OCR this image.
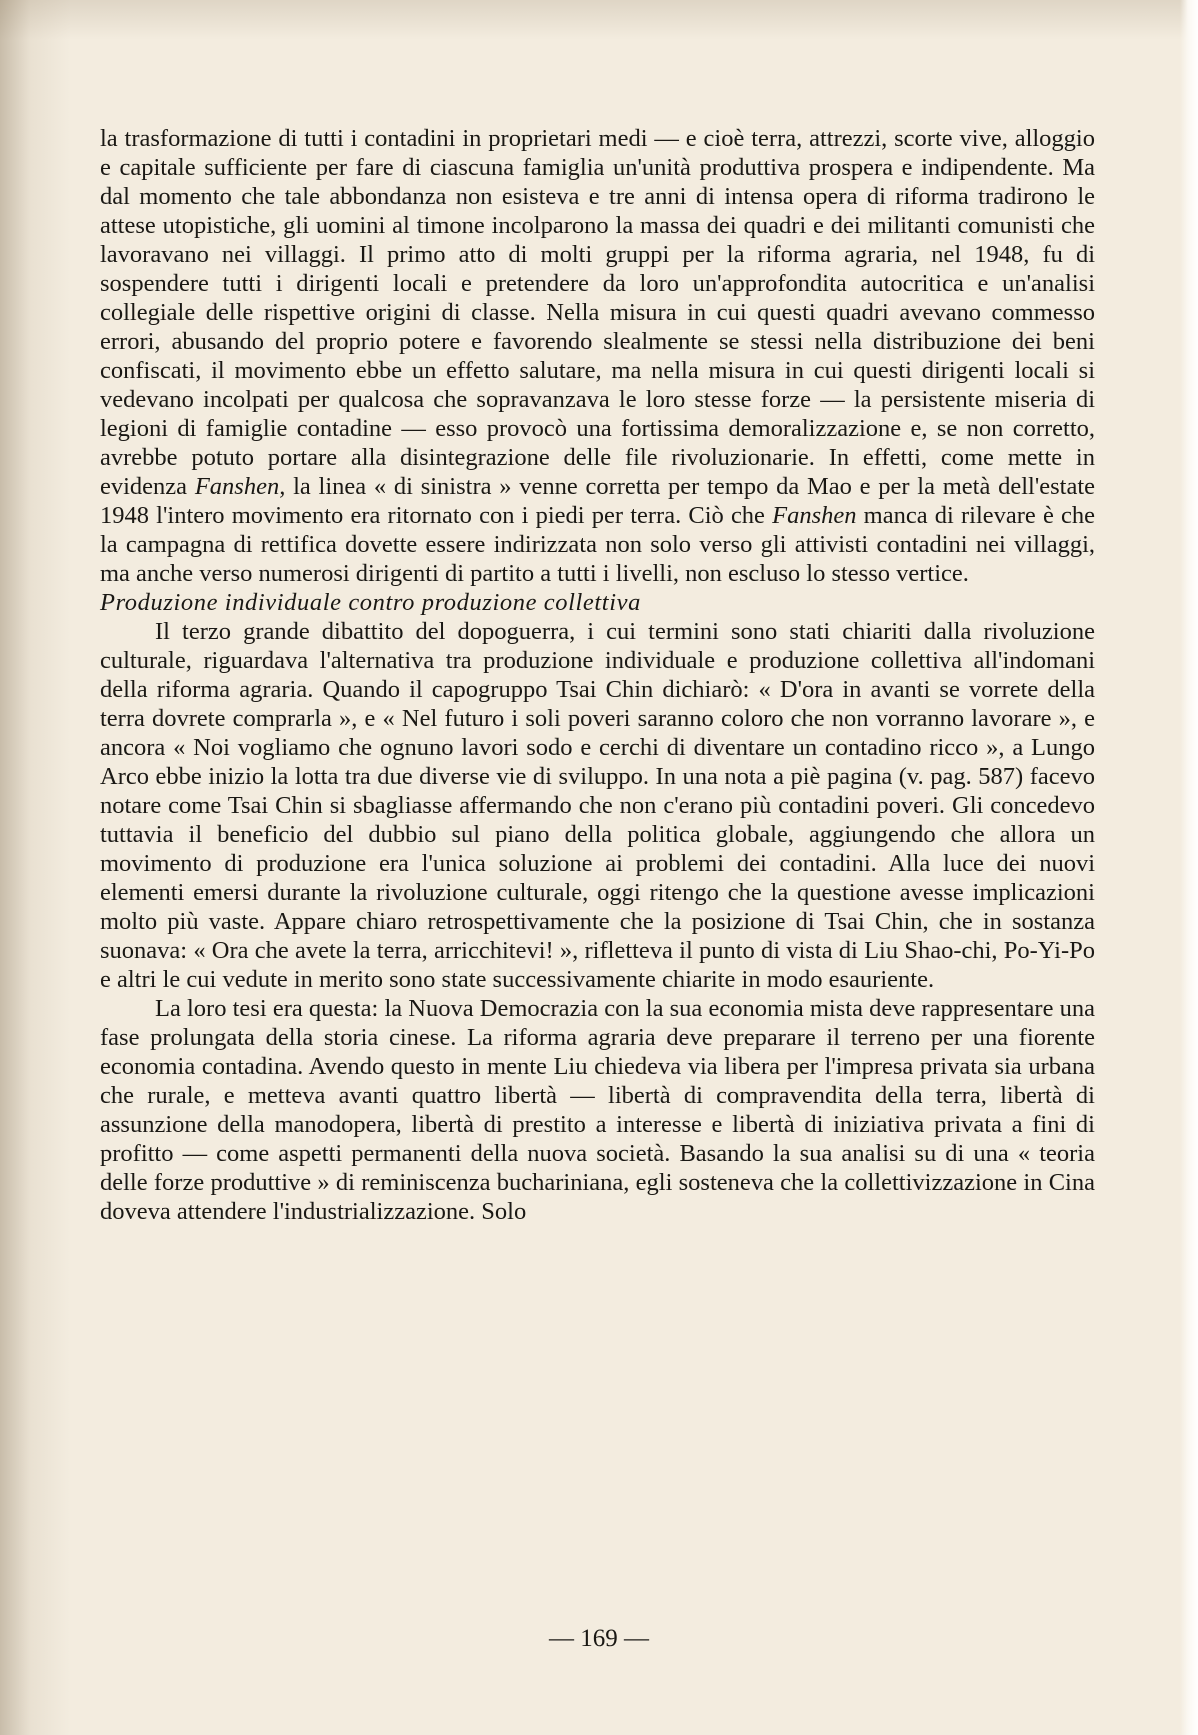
la trasformazione di tutti i contadini in proprietari medi — e cioè terra, attrezzi, scorte vive, alloggio e capitale sufficiente per fare di ciascuna famiglia un'unità produttiva prospera e indipendente. Ma dal momento che tale abbondanza non esisteva e tre anni di intensa opera di riforma tradirono le attese utopistiche, gli uomini al timone incolparono la massa dei quadri e dei militanti comunisti che lavoravano nei villaggi. Il primo atto di molti gruppi per la riforma agraria, nel 1948, fu di sospendere tutti i dirigenti locali e pretendere da loro un'approfondita autocritica e un'analisi collegiale delle rispettive origini di classe. Nella misura in cui questi quadri avevano commesso errori, abusando del proprio potere e favorendo slealmente se stessi nella distribuzione dei beni confiscati, il movimento ebbe un effetto salutare, ma nella misura in cui questi dirigenti locali si vedevano incolpati per qualcosa che sopravanzava le loro stesse forze — la persistente miseria di legioni di famiglie contadine — esso provocò una fortissima demoralizzazione e, se non corretto, avrebbe potuto portare alla disintegrazione delle file rivoluzionarie. In effetti, come mette in evidenza Fanshen, la linea « di sinistra » venne corretta per tempo da Mao e per la metà dell'estate 1948 l'intero movimento era ritornato con i piedi per terra. Ciò che Fanshen manca di rilevare è che la campagna di rettifica dovette essere indirizzata non solo verso gli attivisti contadini nei villaggi, ma anche verso numerosi dirigenti di partito a tutti i livelli, non escluso lo stesso vertice.

Produzione individuale contro produzione collettiva

Il terzo grande dibattito del dopoguerra, i cui termini sono stati chiariti dalla rivoluzione culturale, riguardava l'alternativa tra produzione individuale e produzione collettiva all'indomani della riforma agraria. Quando il capogruppo Tsai Chin dichiarò: « D'ora in avanti se vorrete della terra dovrete comprarla », e « Nel futuro i soli poveri saranno coloro che non vorranno lavorare », e ancora « Noi vogliamo che ognuno lavori sodo e cerchi di diventare un contadino ricco », a Lungo Arco ebbe inizio la lotta tra due diverse vie di sviluppo. In una nota a piè pagina (v. pag. 587) facevo notare come Tsai Chin si sbagliasse affermando che non c'erano più contadini poveri. Gli concedevo tuttavia il beneficio del dubbio sul piano della politica globale, aggiungendo che allora un movimento di produzione era l'unica soluzione ai problemi dei contadini. Alla luce dei nuovi elementi emersi durante la rivoluzione culturale, oggi ritengo che la questione avesse implicazioni molto più vaste. Appare chiaro retrospettivamente che la posizione di Tsai Chin, che in sostanza suonava: « Ora che avete la terra, arricchitevi! », rifletteva il punto di vista di Liu Shao-chi, Po-Yi-Po e altri le cui vedute in merito sono state successivamente chiarite in modo esauriente.

La loro tesi era questa: la Nuova Democrazia con la sua economia mista deve rappresentare una fase prolungata della storia cinese. La riforma agraria deve preparare il terreno per una fiorente economia contadina. Avendo questo in mente Liu chiedeva via libera per l'impresa privata sia urbana che rurale, e metteva avanti quattro libertà — libertà di compravendita della terra, libertà di assunzione della manodopera, libertà di prestito a interesse e libertà di iniziativa privata a fini di profitto — come aspetti permanenti della nuova società. Basando la sua analisi su di una « teoria delle forze produttive » di reminiscenza buchariniana, egli sosteneva che la collettivizzazione in Cina doveva attendere l'industrializzazione. Solo

— 169 —
